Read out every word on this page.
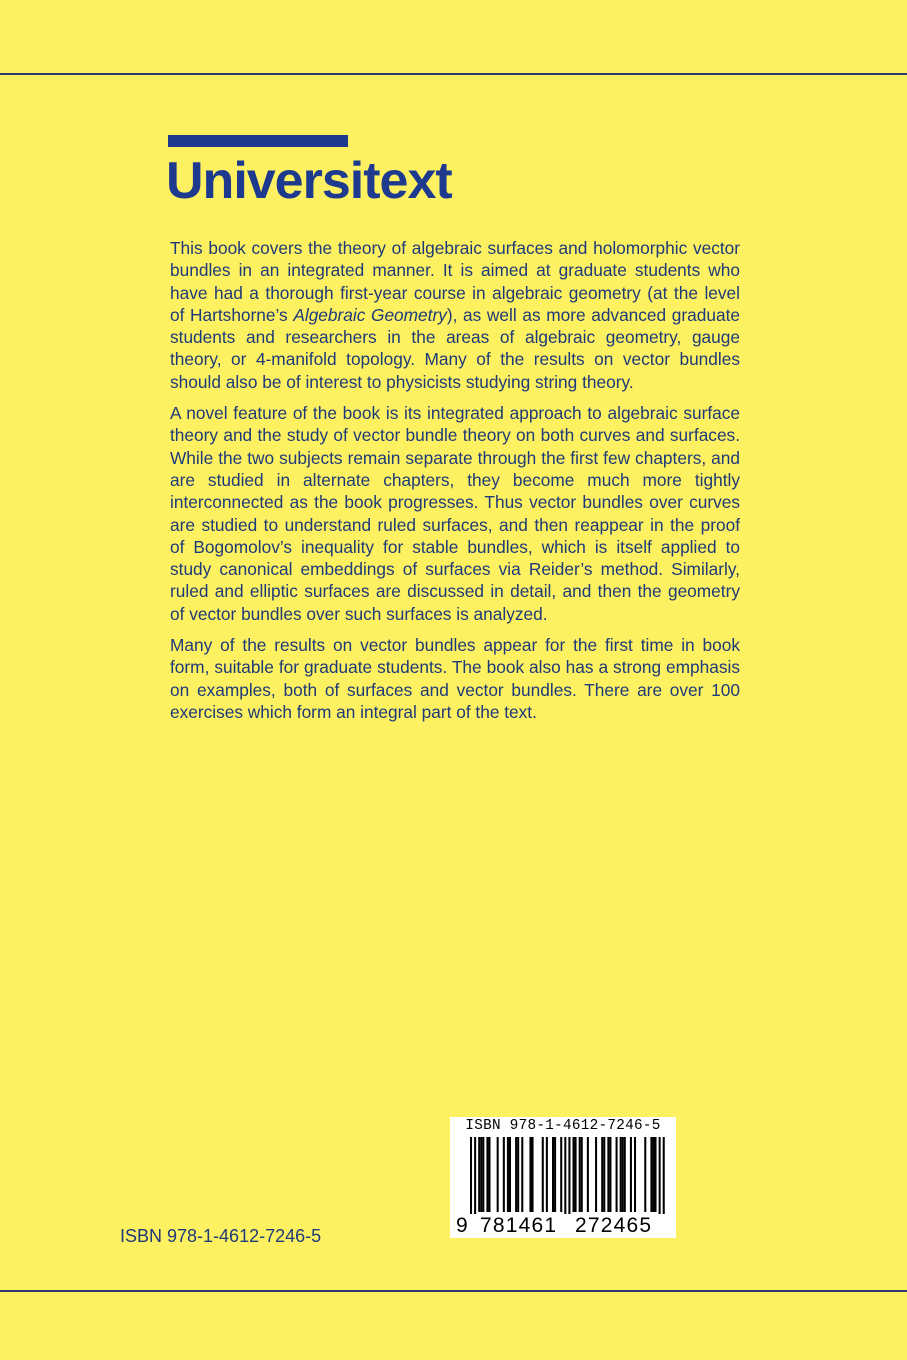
Universitext

This book covers the theory of algebraic surfaces and holomorphic vector bundles in an integrated manner. It is aimed at graduate students who have had a thorough first-year course in algebraic geometry (at the level of Hartshorne’s Algebraic Geometry), as well as more advanced graduate students and researchers in the areas of algebraic geometry, gauge theory, or 4-manifold topology. Many of the results on vector bundles should also be of interest to physicists studying string theory.

A novel feature of the book is its integrated approach to algebraic surface theory and the study of vector bundle theory on both curves and surfaces. While the two subjects remain separate through the first few chapters, and are studied in alternate chapters, they become much more tightly interconnected as the book progresses. Thus vector bundles over curves are studied to understand ruled surfaces, and then reappear in the proof of Bogomolov’s inequality for stable bundles, which is itself applied to study canonical embeddings of surfaces via Reider’s method. Similarly, ruled and elliptic surfaces are discussed in detail, and then the geometry of vector bundles over such surfaces is analyzed.

Many of the results on vector bundles appear for the first time in book form, suitable for graduate students. The book also has a strong emphasis on examples, both of surfaces and vector bundles. There are over 100 exercises which form an integral part of the text.

ISBN 978-1-4612-7246-5
ISBN 978-1-4612-7246-5
9 781461 272465
